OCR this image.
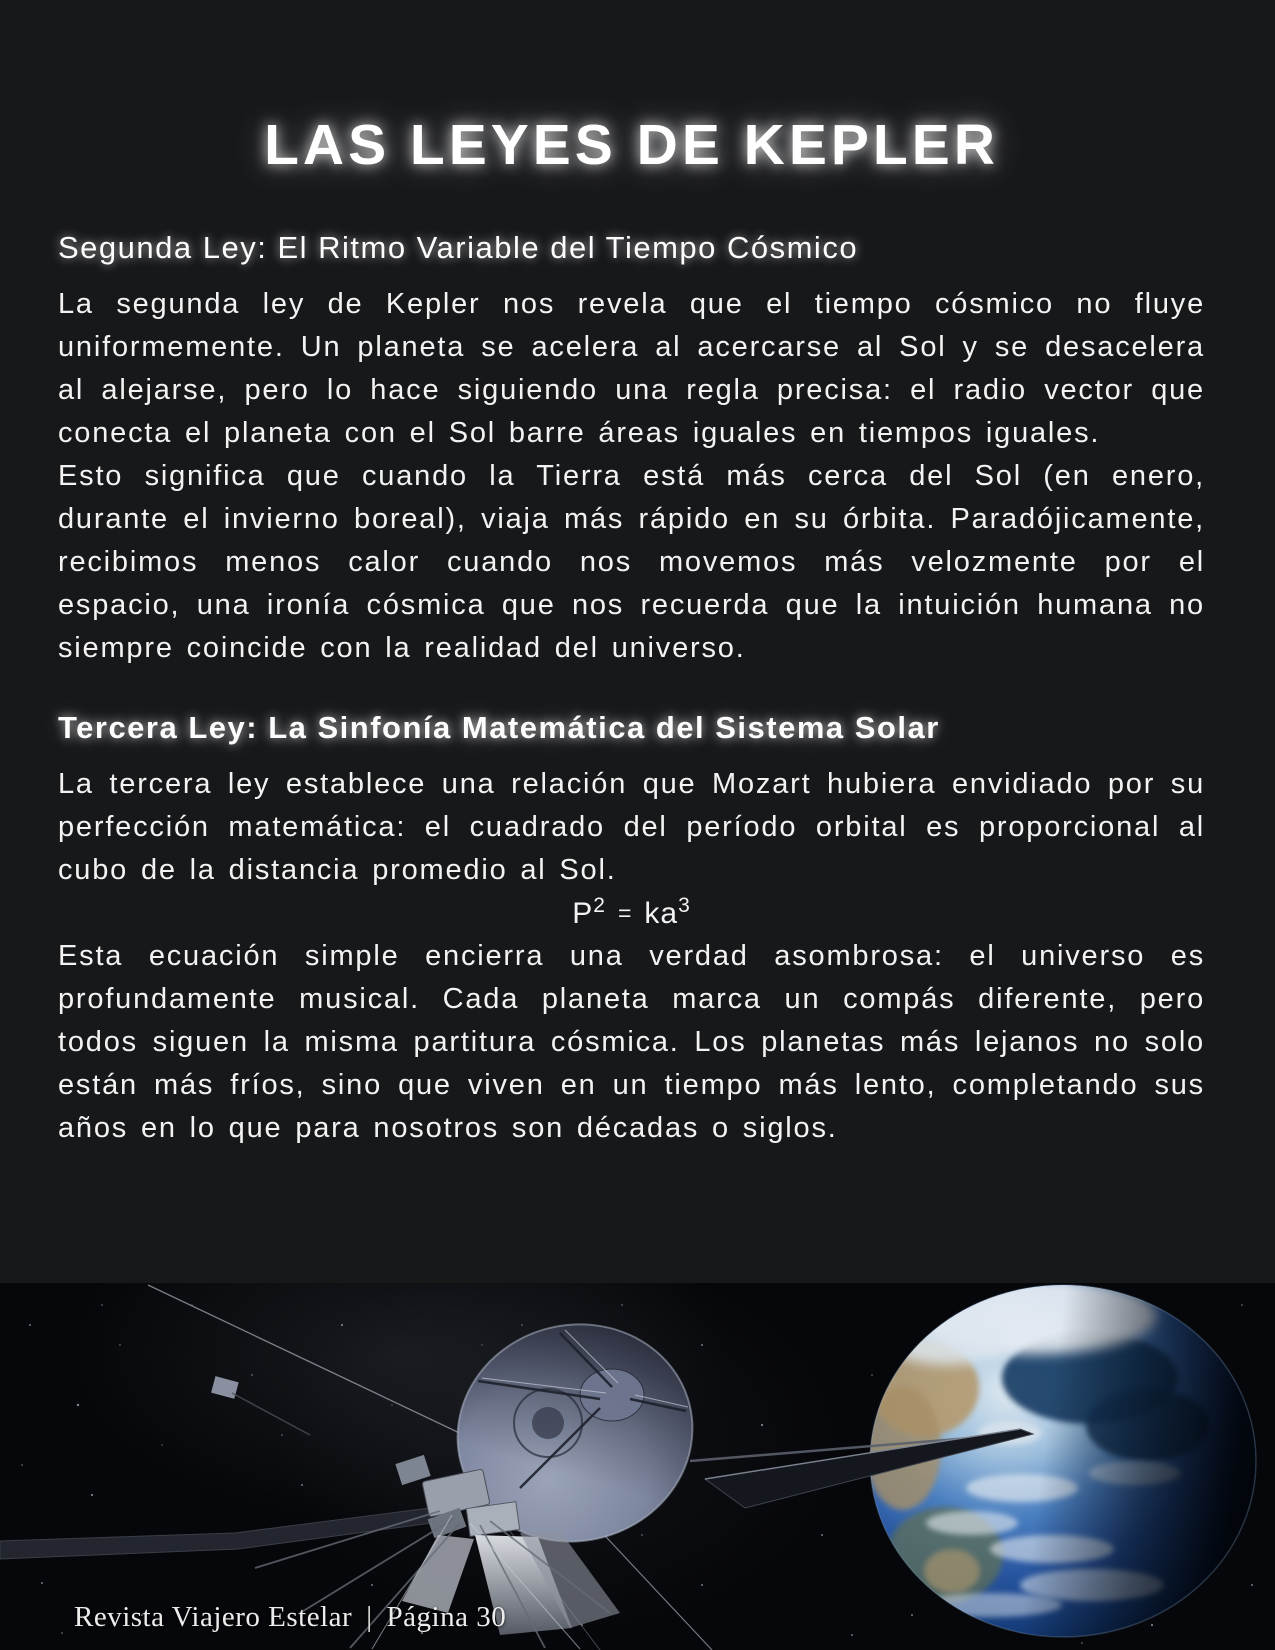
LAS LEYES DE KEPLER
Segunda Ley: El Ritmo Variable del Tiempo Cósmico

La segunda ley de Kepler nos revela que el tiempo cósmico no fluye uniformemente. Un planeta se acelera al acercarse al Sol y se desacelera al alejarse, pero lo hace siguiendo una regla precisa: el radio vector que conecta el planeta con el Sol barre áreas iguales en tiempos iguales.

Esto significa que cuando la Tierra está más cerca del Sol (en enero, durante el invierno boreal), viaja más rápido en su órbita. Paradójicamente, recibimos menos calor cuando nos movemos más velozmente por el espacio, una ironía cósmica que nos recuerda que la intuición humana no siempre coincide con la realidad del universo.

Tercera Ley: La Sinfonía Matemática del Sistema Solar

La tercera ley establece una relación que Mozart hubiera envidiado por su perfección matemática: el cuadrado del período orbital es proporcional al cubo de la distancia promedio al Sol.

$P^2 = ka^3$

Esta ecuación simple encierra una verdad asombrosa: el universo es profundamente musical. Cada planeta marca un compás diferente, pero todos siguen la misma partitura cósmica. Los planetas más lejanos no solo están más fríos, sino que viven en un tiempo más lento, completando sus años en lo que para nosotros son décadas o siglos.

Revista Viajero Estelar | Página 30
